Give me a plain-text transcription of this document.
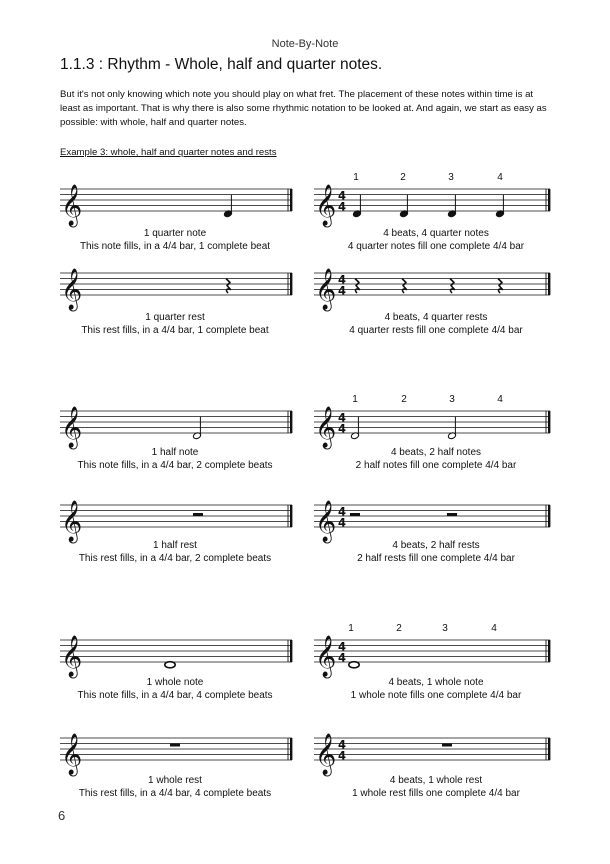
Note-By-Note
1.1.3 : Rhythm - Whole, half and quarter notes.
But it's not only knowing which note you should play on what fret. The placement of these notes within time is at least as important. That is why there is also some rhythmic notation to be looked at. And again, we start as easy as possible: with whole, half and quarter notes.
Example 3: whole, half and quarter notes and rests
𝄞	𝄞 4
4
𝄞	𝄞 4
4
𝄞	𝄞 4
4
𝄞	𝄞 4
4
𝄞	𝄞 4
4
𝄞	𝄞 4
4
1	2	3	4
1	2	3	4
1	2	3	4
1 quarter note
This note fills, in a 4/4 bar, 1 complete beat
4 beats, 4 quarter notes
4 quarter notes fill one complete 4/4 bar
1 quarter rest
This rest fills, in a 4/4 bar, 1 complete beat
4 beats, 4 quarter rests
4 quarter rests fill one complete 4/4 bar
1 half note
This note fills, in a 4/4 bar, 2 complete beats
4 beats, 2 half notes
2 half notes fill one complete 4/4 bar
1 half rest
This rest fills, in a 4/4 bar, 2 complete beats
4 beats, 2 half rests
2 half rests fill one complete 4/4 bar
1 whole note
This note fills, in a 4/4 bar, 4 complete beats
4 beats, 1 whole note
1 whole note fills one complete 4/4 bar
1 whole rest
This rest fills, in a 4/4 bar, 4 complete beats
4 beats, 1 whole rest
1 whole rest fills one complete 4/4 bar
6
